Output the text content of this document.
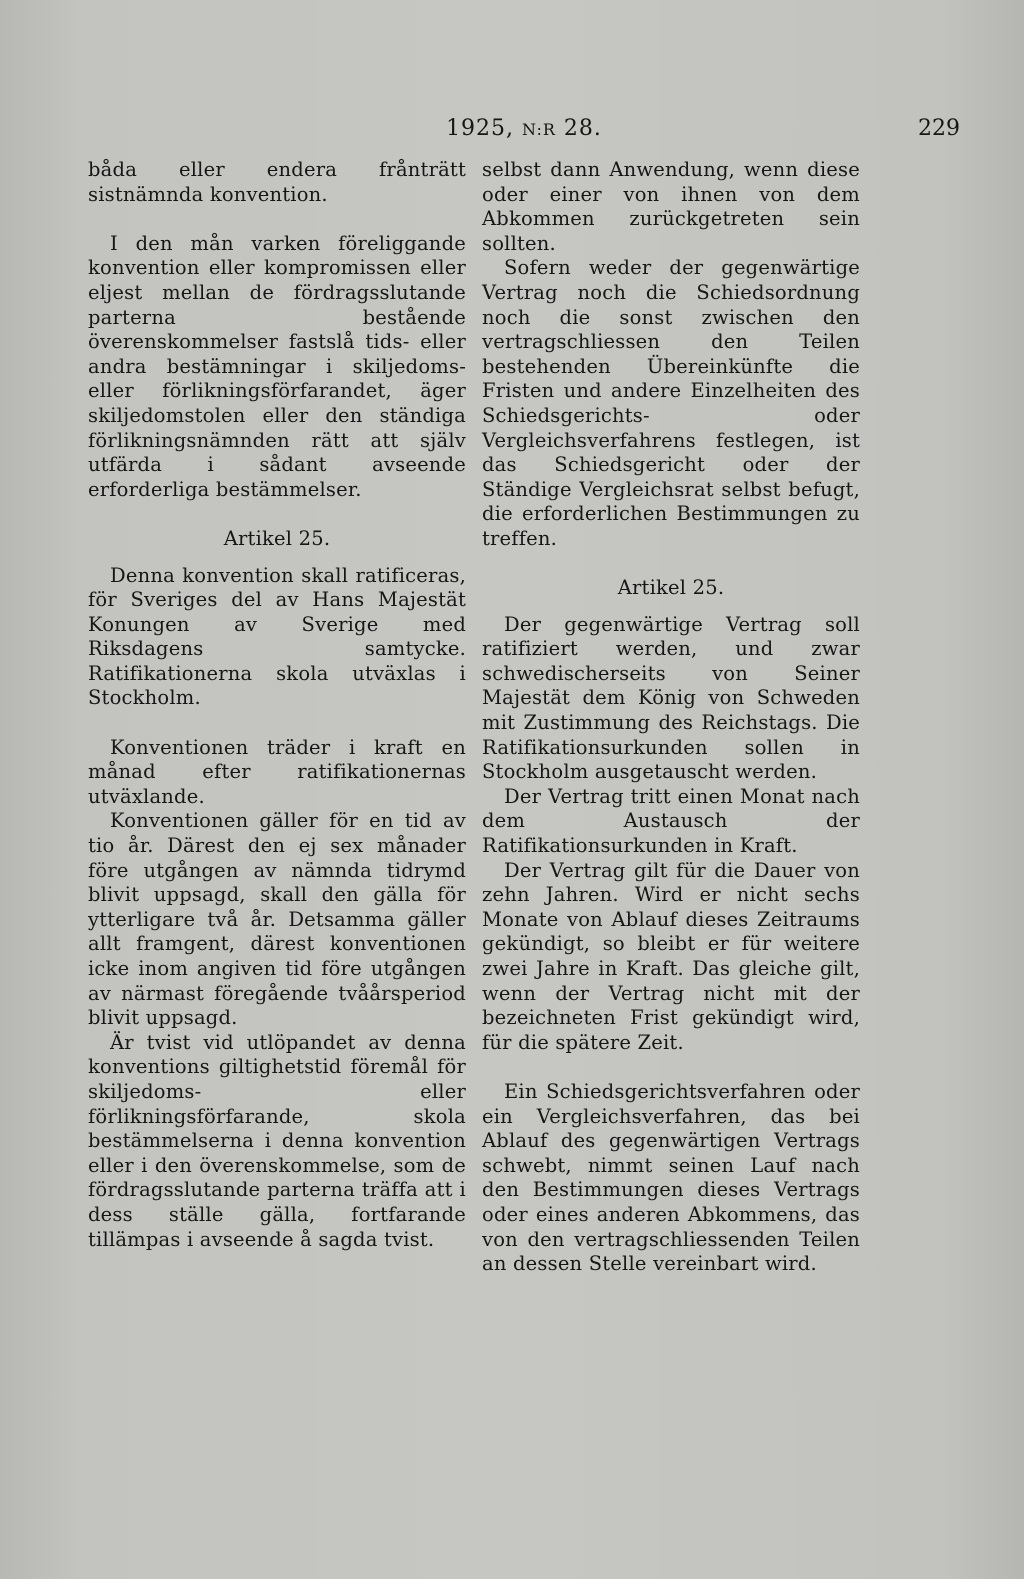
1925, N:R 28.	229

båda eller endera frånträtt sistnämnda konvention.

I den mån varken föreliggande konvention eller kompromissen eller eljest mellan de fördragsslutande parterna bestående överenskommelser fastslå tids- eller andra bestämningar i skiljedoms- eller förlikningsförfarandet, äger skiljedomstolen eller den ständiga förlikningsnämnden rätt att själv utfärda i sådant avseende erforderliga bestämmelser.

Artikel 25.

Denna konvention skall ratificeras, för Sveriges del av Hans Majestät Konungen av Sverige med Riksdagens samtycke. Ratifikationerna skola utväxlas i Stockholm.

Konventionen träder i kraft en månad efter ratifikationernas utväxlande.

Konventionen gäller för en tid av tio år. Därest den ej sex månader före utgången av nämnda tidrymd blivit uppsagd, skall den gälla för ytterligare två år. Detsamma gäller allt framgent, därest konventionen icke inom angiven tid före utgången av närmast föregående tvåårsperiod blivit uppsagd.

Är tvist vid utlöpandet av denna konventions giltighetstid föremål för skiljedoms- eller förlikningsförfarande, skola bestämmelserna i denna konvention eller i den överenskommelse, som de fördragsslutande parterna träffa att i dess ställe gälla, fortfarande tillämpas i avseende å sagda tvist.

selbst dann Anwendung, wenn diese oder einer von ihnen von dem Abkommen zurückgetreten sein sollten.

Sofern weder der gegenwärtige Vertrag noch die Schiedsordnung noch die sonst zwischen den vertragschliessen den Teilen bestehenden Übereinkünfte die Fristen und andere Einzelheiten des Schiedsgerichts- oder Vergleichsverfahrens festlegen, ist das Schiedsgericht oder der Ständige Vergleichsrat selbst befugt, die erforderlichen Bestimmungen zu treffen.

Artikel 25.

Der gegenwärtige Vertrag soll ratifiziert werden, und zwar schwedischerseits von Seiner Majestät dem König von Schweden mit Zustimmung des Reichstags. Die Ratifikationsurkunden sollen in Stockholm ausgetauscht werden.

Der Vertrag tritt einen Monat nach dem Austausch der Ratifikationsurkunden in Kraft.

Der Vertrag gilt für die Dauer von zehn Jahren. Wird er nicht sechs Monate von Ablauf dieses Zeitraums gekündigt, so bleibt er für weitere zwei Jahre in Kraft. Das gleiche gilt, wenn der Vertrag nicht mit der bezeichneten Frist gekündigt wird, für die spätere Zeit.

Ein Schiedsgerichtsverfahren oder ein Vergleichsverfahren, das bei Ablauf des gegenwärtigen Vertrags schwebt, nimmt seinen Lauf nach den Bestimmungen dieses Vertrags oder eines anderen Abkommens, das von den vertragschliessenden Teilen an dessen Stelle vereinbart wird.
